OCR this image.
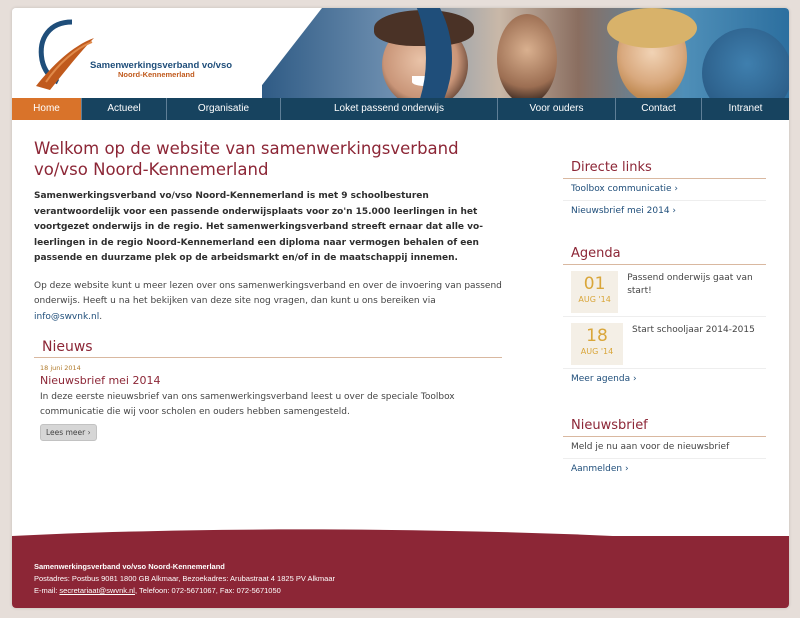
Samenwerkingsverband vo/vso
Noord-Kennemerland
Home	Actueel	Organisatie	Loket passend onderwijs	Voor ouders	Contact	Intranet
Welkom op de website van samenwerkingsverband vo/vso Noord-Kennemerland

Samenwerkingsverband vo/vso Noord-Kennemerland is met 9 schoolbesturen verantwoordelijk voor een passende onderwijsplaats voor zo'n 15.000 leerlingen in het voortgezet onderwijs in de regio. Het samenwerkingsverband streeft ernaar dat alle vo-leerlingen in de regio Noord-Kennemerland een diploma naar vermogen behalen of een passende en duurzame plek op de arbeidsmarkt en/of in de maatschappij innemen.

Op deze website kunt u meer lezen over ons samenwerkingsverband en over de invoering van passend onderwijs. Heeft u na het bekijken van deze site nog vragen, dan kunt u ons bereiken via info@swvnk.nl.

Nieuws
18 juni 2014
Nieuwsbrief mei 2014
In deze eerste nieuwsbrief van ons samenwerkingsverband leest u over de speciale Toolbox communicatie die wij voor scholen en ouders hebben samengesteld.
Lees meer ›
Directe links
Toolbox communicatie ›
Nieuwsbrief mei 2014 ›
Agenda
01
AUG '14
Passend onderwijs gaat van start!
18
AUG '14
Start schooljaar 2014-2015
Meer agenda ›
Nieuwsbrief
Meld je nu aan voor de nieuwsbrief
Aanmelden ›
Samenwerkingsverband vo/vso Noord-Kennemerland
Postadres: Postbus 9081 1800 GB Alkmaar, Bezoekadres: Arubastraat 4 1825 PV Alkmaar
E-mail: secretariaat@swvnk.nl, Telefoon: 072-5671067, Fax: 072-5671050
